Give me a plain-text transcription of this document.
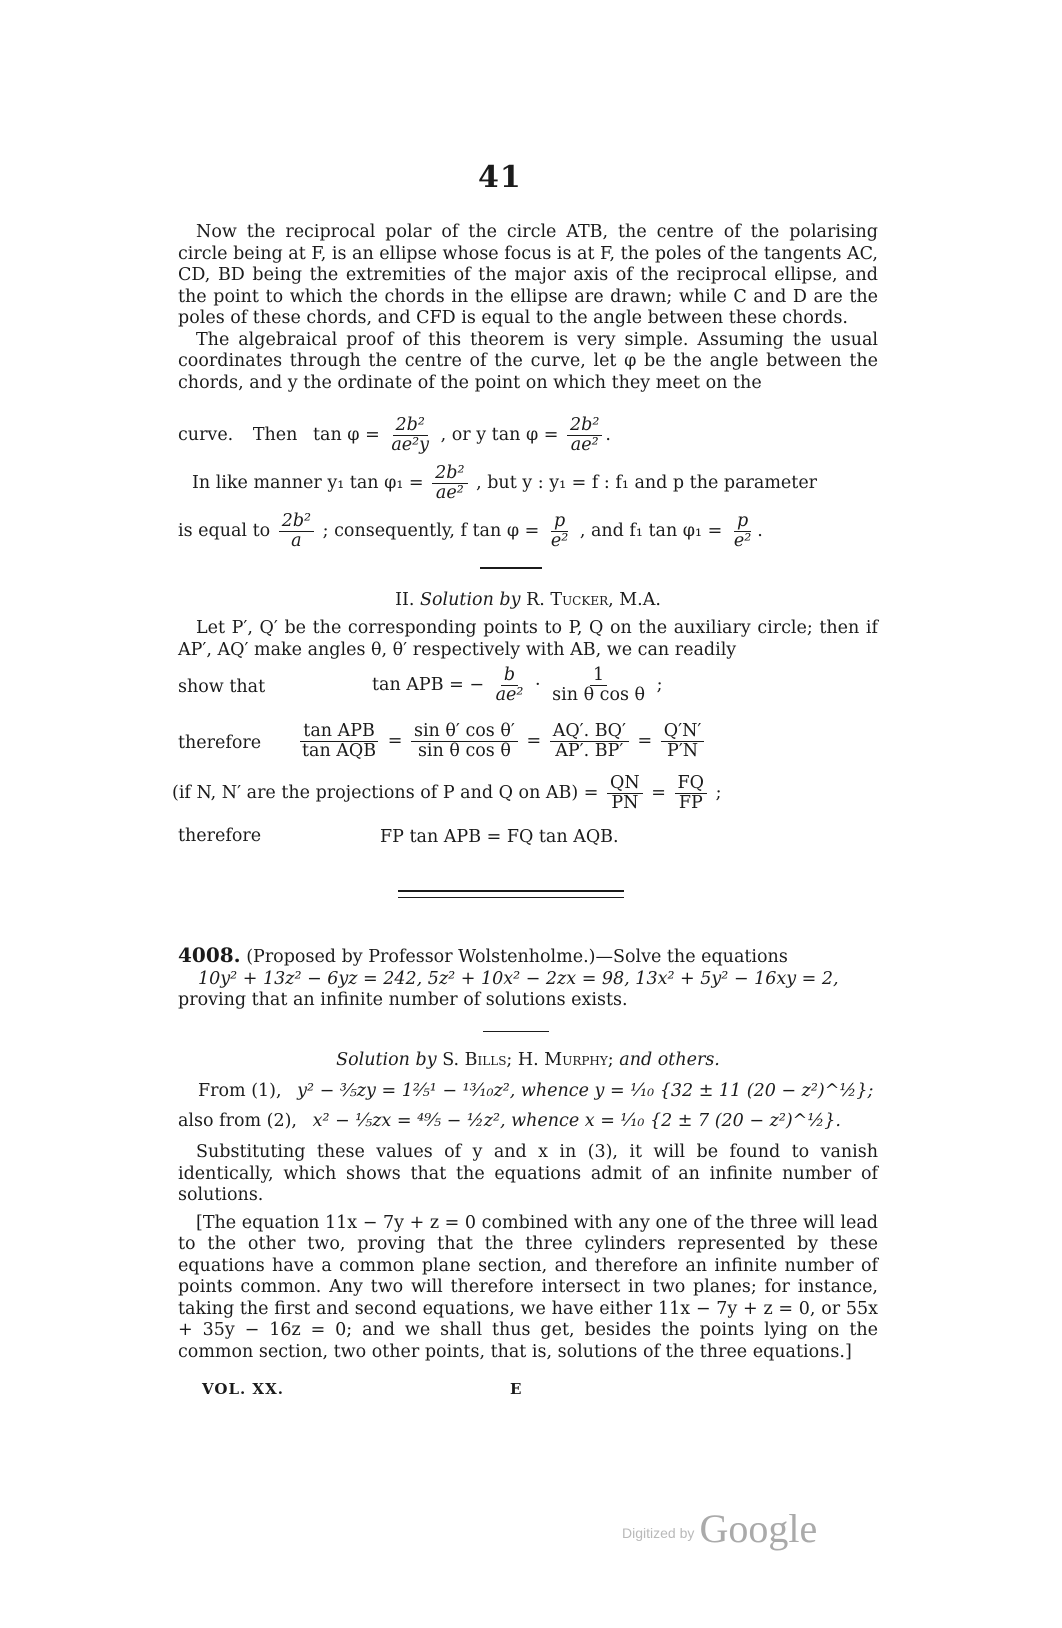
41

Now the reciprocal polar of the circle ATB, the centre of the polarising circle being at F, is an ellipse whose focus is at F, the poles of the tangents AC, CD, BD being the extremities of the major axis of the reciprocal ellipse, and the point to which the chords in the ellipse are drawn; while C and D are the poles of these chords, and CFD is equal to the angle between these chords.

The algebraical proof of this theorem is very simple. Assuming the usual coordinates through the centre of the curve, let φ be the angle between the chords, and y the ordinate of the point on which they meet on the

curve. Then $\tan \varphi = \frac{\text{2b²}}{\text{ae²y}}$ , or y $\tan \varphi = \frac{\text{2b²}}{\text{ae²}}$ .
In like manner y₁ $\tan \varphi_1 = \frac{\text{2b²}}{\text{ae²}}$ , but y : y₁ = f : f₁ and p the parameter
is equal to $\frac{\text{2b²}}{a}$ ; consequently, f $\tan \varphi = \frac{p}{\text{e²}}$ , and f₁ $\tan \varphi_1 = \frac{p}{\text{e²}}$ .
II. Solution by R. Tucker, M.A.

Let P′, Q′ be the corresponding points to P, Q on the auxiliary circle; then if AP′, AQ′ make angles θ, θ′ respectively with AB, we can readily

show that	tan APB = − $\frac{b}{\text{ae²}} \cdot \frac{1}{\text{sin θ cos θ}}$ ;
therefore $\frac{\text{tan APB}}{\text{tan AQB}} = \frac{\text{sin θ′ cos θ′}}{\text{sin θ cos θ}} = \frac{AQ'. BQ'}{AP'. BP'} = \frac{Q'N'}{P'N}$
(if N, N′ are the projections of P and Q on $AB) = \frac{QN}{PN} = \frac{FQ}{FP}$ ;
therefore	FP tan APB = FQ tan AQB.

4008. (Proposed by Professor Wolstenholme.)—Solve the equations

10y² + 13z² − 6yz = 242, 5z² + 10x² − 2zx = 98, 13x² + 5y² − 16xy = 2,

proving that an infinite number of solutions exists.

Solution by S. Bills; H. Murphy; and others.
From (1), y² − ⅗zy = 1²⁄₅¹ − ¹³⁄₁₀z², whence y = ¹⁄₁₀ {32 ± 11 (20 − z²)^½};
also from (2), x² − ⅕zx = ⁴⁹⁄₅ − ½z², whence x = ¹⁄₁₀ {2 ± 7 (20 − z²)^½}.

Substituting these values of y and x in (3), it will be found to vanish identically, which shows that the equations admit of an infinite number of solutions.

[The equation 11x − 7y + z = 0 combined with any one of the three will lead to the other two, proving that the three cylinders represented by these equations have a common plane section, and therefore an infinite number of points common. Any two will therefore intersect in two planes; for instance, taking the first and second equations, we have either 11x − 7y + z = 0, or 55x + 35y − 16z = 0; and we shall thus get, besides the points lying on the common section, two other points, that is, solutions of the three equations.]

VOL. XX.	E
Digitized by Google
